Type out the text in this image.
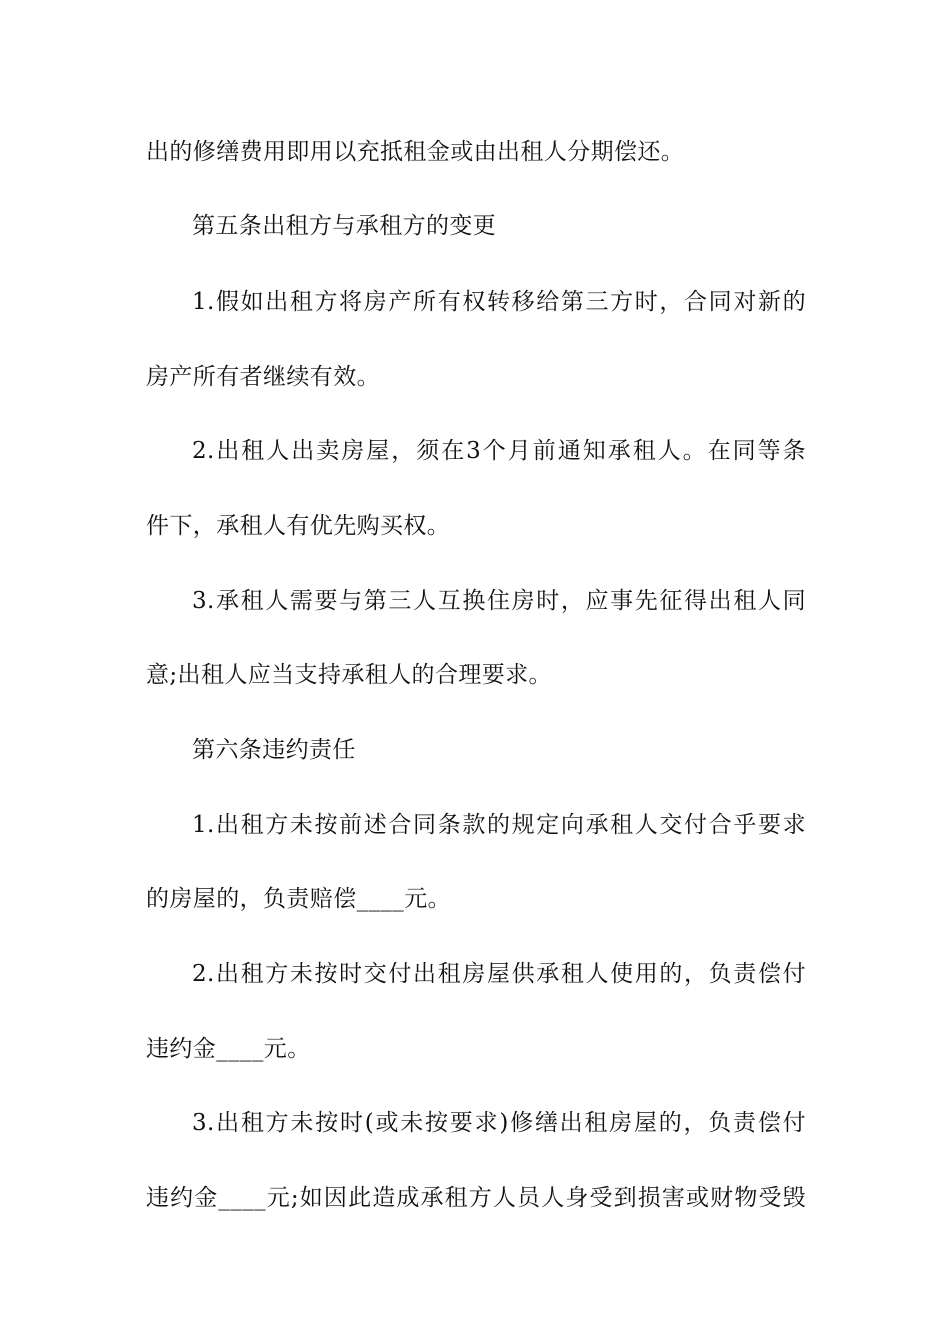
出的修缮费用即用以充抵租金或由出租人分期偿还。
第五条出租方与承租方的变更
1.假如出租方将房产所有权转移给第三方时，合同对新的
房产所有者继续有效。
2.出租人出卖房屋，须在3个月前通知承租人。在同等条
件下，承租人有优先购买权。
3.承租人需要与第三人互换住房时，应事先征得出租人同
意;出租人应当支持承租人的合理要求。
第六条违约责任
1.出租方未按前述合同条款的规定向承租人交付合乎要求
的房屋的，负责赔偿____元。
2.出租方未按时交付出租房屋供承租人使用的，负责偿付
违约金____元。
3.出租方未按时(或未按要求)修缮出租房屋的，负责偿付
违约金____元;如因此造成承租方人员人身受到损害或财物受毁
